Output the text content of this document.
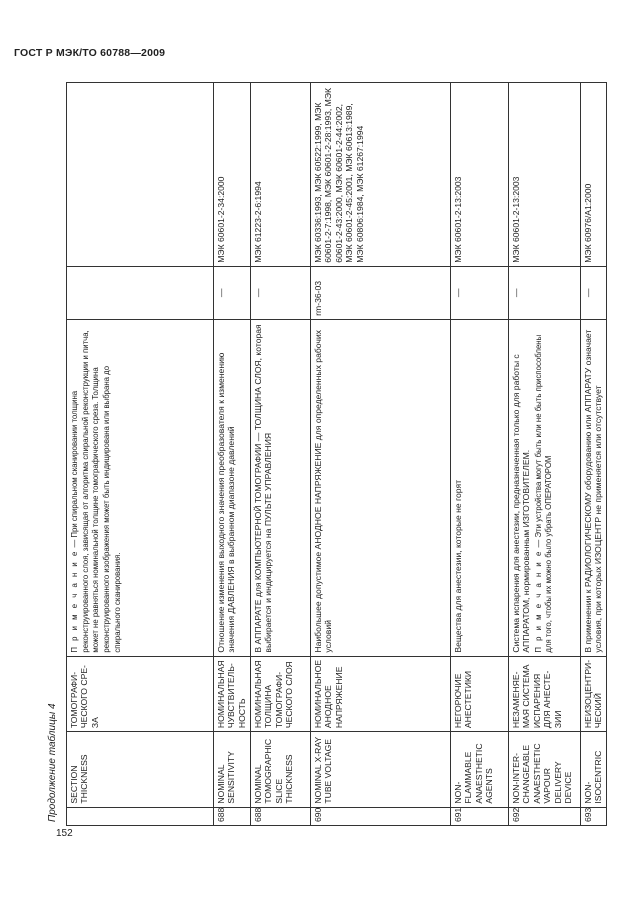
ГОСТ Р МЭК/ТО 60788—2009
Продолжение таблицы 4
152
	SECTION THICKNESS	ТОМОГРАФИ-ЧЕСКОГО СРЕ-ЗА	П р и м е ч а н и е — При спиральном сканировании толщина реконструированного слоя, зависящая от алгоритма спиральной реконструкции и питча, может не равняться номинальной толщине томографического среза. Толщина реконструированного изображения может быть индицирована или выбрана до спирального сканирования.		
688	NOMINAL SENSITIVITY	НОМИНАЛЬНАЯ ЧУВСТВИТЕЛЬ-НОСТЬ	Отношение изменения выходного значения преобразователя к изменению значения ДАВЛЕНИЯ в выбранном диапазоне давлений	—	МЭК 60601-2-34:2000
688	NOMINAL TOMOGRAPHIC SLICE THICKNESS	НОМИНАЛЬНАЯ ТОЛЩИНА ТОМОГРАФИ-ЧЕСКОГО СЛОЯ	В АППАРАТЕ для КОМПЬЮТЕРНОЙ ТОМОГРАФИИ — ТОЛЩИНА СЛОЯ, которая выбирается и индицируется на ПУЛЬТЕ УПРАВЛЕНИЯ	—	МЭК 61223-2-6:1994
690	NOMINAL X-RAY TUBE VOLTAGE	НОМИНАЛЬНОЕ АНОДНОЕ НАПРЯЖЕНИЕ	Наибольшее допустимое АНОДНОЕ НАПРЯЖЕНИЕ для определенных рабочих условий	rm-36-03	МЭК 60336:1993, МЭК 60522:1999, МЭК 60601-2-7:1998, МЭК 60601-2-28:1993, МЭК 60601-2-43:2000, МЭК 60601-2-44:2002, МЭК 60601-2-45:2001, МЭК 60613:1989, МЭК 60806:1984, МЭК 61267:1994
691	NON-FLAMMABLE ANAESTHETIC AGENTS	НЕГОРЮЧИЕ АНЕСТЕТИКИ	Вещества для анестезии, которые не горят	—	МЭК 60601-2-13:2003
692	NON-INTER-CHANGEABLE ANAESTHETIC VAPOUR DELIVERY DEVICE	НЕЗАМЕНЯЕ-МАЯ СИСТЕМА ИСПАРЕНИЯ ДЛЯ АНЕСТЕ-ЗИИ	Система испарения для анестезии, предназначенная только для работы с АППАРАТОМ, нормированным ИЗГОТОВИТЕЛЕМ. П р и м е ч а н и е — Эти устройства могут быть или не быть приспособлены для того, чтобы их можно было убрать ОПЕРАТОРОМ	—	МЭК 60601-2-13:2003
693	NON-ISOCENTRIC	НЕИЗОЦЕНТРИ-ЧЕСКИЙ	В применении к РАДИОЛОГИЧЕСКОМУ оборудованию или АППАРАТУ означает условия, при которых ИЗОЦЕНТР не применяется или отсутствует	—	МЭК 60976/А1:2000
